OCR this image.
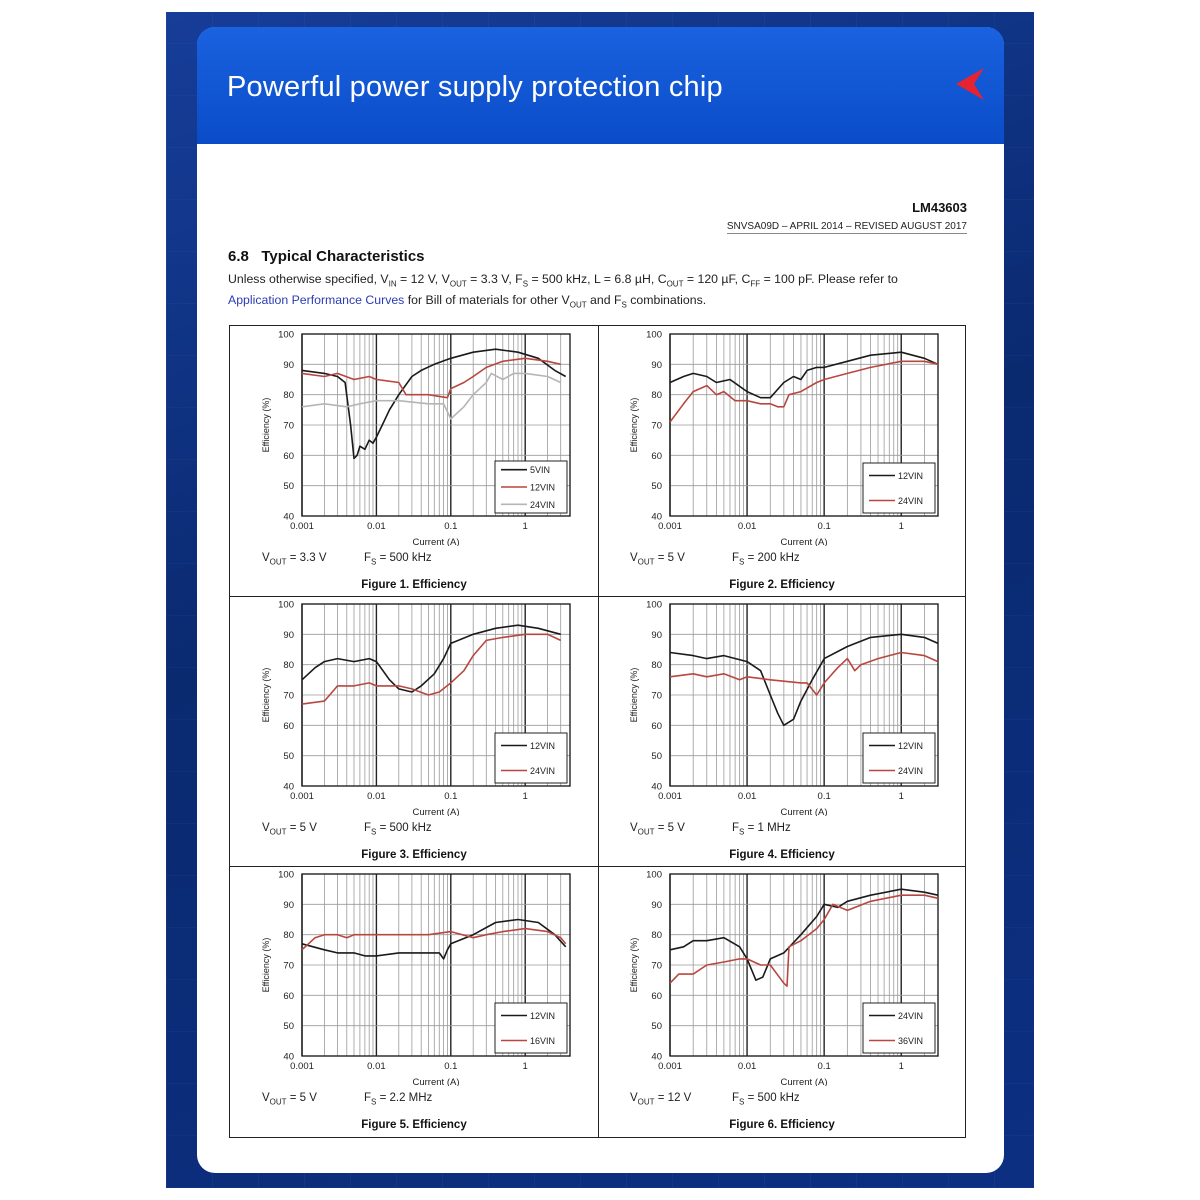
Powerful power supply protection chip
LM43603
SNVSA09D – APRIL 2014 – REVISED AUGUST 2017
6.8 Typical Characteristics
Unless otherwise specified, $V_{IN} = 12$ V, $V_{OUT} = 3.3$ V, $F_S = 500$ kHz, L = 6.8 µH, $C_{OUT} = 120$ µF, $C_{FF} = 100$ pF. Please refer to
Application Performance Curves for Bill of materials for other $V_{OUT}$ and $F_S$ combinations.
40
50
60
70
80
90
100
0.001	0.01	0.1	1
Current (A)
Efficiency (%)
5VIN
12VIN
24VIN
$V_{OUT} = 3.3$ V	$F_S = 500$ kHz
Figure 1. Efficiency
40
50
60
70
80
90
100
0.001	0.01	0.1	1
Current (A)
Efficiency (%)
12VIN
24VIN
$V_{OUT} = 5$ V	$F_S = 200$ kHz
Figure 2. Efficiency
40
50
60
70
80
90
100
0.001	0.01	0.1	1
Current (A)
Efficiency (%)
12VIN
24VIN
$V_{OUT} = 5$ V	$F_S = 500$ kHz
Figure 3. Efficiency
40
50
60
70
80
90
100
0.001	0.01	0.1	1
Current (A)
Efficiency (%)
12VIN
24VIN
$V_{OUT} = 5$ V	$F_S = 1$ MHz
Figure 4. Efficiency
40
50
60
70
80
90
100
0.001	0.01	0.1	1
Current (A)
Efficiency (%)
12VIN
16VIN
$V_{OUT} = 5$ V	$F_S = 2.2$ MHz
Figure 5. Efficiency
40
50
60
70
80
90
100
0.001	0.01	0.1	1
Current (A)
Efficiency (%)
24VIN
36VIN
$V_{OUT} = 12$ V	$F_S = 500$ kHz
Figure 6. Efficiency
